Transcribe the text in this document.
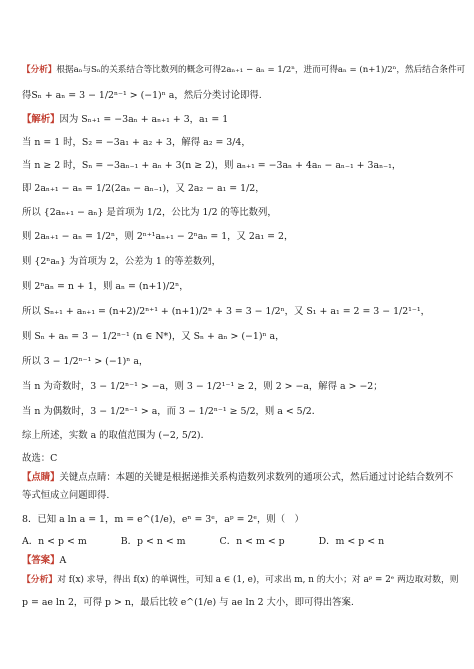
【分析】根据aₙ与Sₙ的关系结合等比数列的概念可得2aₙ₊₁ − aₙ = 1/2ⁿ，进而可得aₙ = (n+1)/2ⁿ，然后结合条件可
得Sₙ + aₙ = 3 − 1/2ⁿ⁻¹ > (−1)ⁿ a，然后分类讨论即得.
【解析】因为 Sₙ₊₁ = −3aₙ + aₙ₊₁ + 3，a₁ = 1
当 n = 1 时，S₂ = −3a₁ + a₂ + 3，解得 a₂ = 3/4，
当 n ≥ 2 时，Sₙ = −3aₙ₋₁ + aₙ + 3(n ≥ 2)，则 aₙ₊₁ = −3aₙ + 4aₙ − aₙ₋₁ + 3aₙ₋₁，
即 2aₙ₊₁ − aₙ = 1/2(2aₙ − aₙ₋₁)，又 2a₂ − a₁ = 1/2，
所以 {2aₙ₊₁ − aₙ} 是首项为 1/2，公比为 1/2 的等比数列，
则 2aₙ₊₁ − aₙ = 1/2ⁿ，则 2ⁿ⁺¹aₙ₊₁ − 2ⁿaₙ = 1，又 2a₁ = 2，
则 {2ⁿaₙ} 为首项为 2，公差为 1 的等差数列，
则 2ⁿaₙ = n + 1，则 aₙ = (n+1)/2ⁿ，
所以 Sₙ₊₁ + aₙ₊₁ = (n+2)/2ⁿ⁺¹ + (n+1)/2ⁿ + 3 = 3 − 1/2ⁿ，又 S₁ + a₁ = 2 = 3 − 1/2¹⁻¹，
则 Sₙ + aₙ = 3 − 1/2ⁿ⁻¹ (n ∈ N*)，又 Sₙ + aₙ > (−1)ⁿ a，
所以 3 − 1/2ⁿ⁻¹ > (−1)ⁿ a，
当 n 为奇数时，3 − 1/2ⁿ⁻¹ > −a，则 3 − 1/2¹⁻¹ ≥ 2，则 2 > −a，解得 a > −2；
当 n 为偶数时，3 − 1/2ⁿ⁻¹ > a，而 3 − 1/2ⁿ⁻¹ ≥ 5/2，则 a < 5/2．
综上所述，实数 a 的取值范围为 (−2, 5/2)．
故选：C
【点睛】关键点点睛：本题的关键是根据递推关系构造数列求数列的通项公式，然后通过讨论结合数列不
等式恒成立问题即得.
8．已知 a ln a = 1，m = e^(1/e)，eⁿ = 3ᵉ，aᵖ = 2ᵉ，则（　）
A．n < p < m	B．p < n < m	C．n < m < p	D．m < p < n
【答案】A
【分析】对 f(x) 求导，得出 f(x) 的单调性，可知 a ∈ (1, e)，可求出 m, n 的大小；对 aᵖ = 2ᵉ 两边取对数，则
p = ae ln 2，可得 p > n，最后比较 e^(1/e) 与 ae ln 2 大小，即可得出答案.
